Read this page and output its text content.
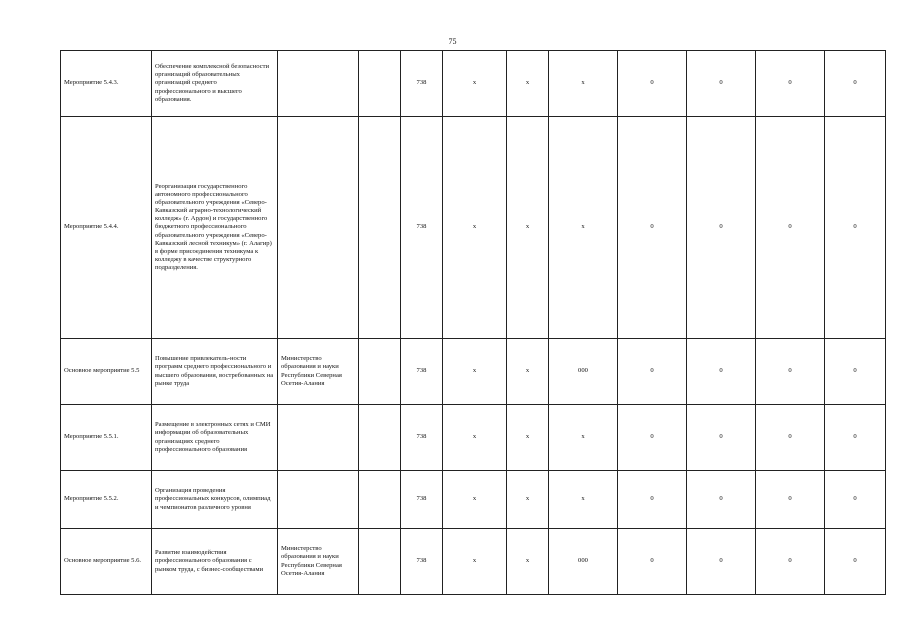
75
Мероприятие 5.4.3.	Обеспечение комплексной безопасности организаций образовательных организаций среднего профессионального и высшего образования.			738	х	х	х	0	0	0	0	
Мероприятие 5.4.4.	Реорганизация государственного автономного профессионального образовательного учреждения «Северо-Кавказский аграрно-технологический колледж» (г. Ардон) и государственного бюджетного профессионального образовательного учреждения «Северо-Кавказский лесной техникум» (г. Алагир) в форме присоединения техникума к колледжу в качестве структурного подразделения.			738	х	х	х	0	0	0	0	
Основное мероприятие 5.5	Повышение привлекатель-ности программ среднего профессионального и высшего образования, востребованных на рынке труда	Министерство образования и науки Республики Северная Осетия-Алания		738	х	х	000	0	0	0	0	
Мероприятие 5.5.1.	Размещение в электронных сетях и СМИ информации об образовательных организациях среднего профессионального образования			738	х	х	х	0	0	0	0	
Мероприятие 5.5.2.	Организация проведения профессиональных конкурсов, олимпиад и чемпионатов различного уровня			738	х	х	х	0	0	0	0	
Основное мероприятие 5.6.	Развитие взаимодействия профессионального образования с рынком труда, с бизнес-сообществами	Министерство образования и науки Республики Северная Осетия-Алания		738	х	х	000	0	0	0	0	
